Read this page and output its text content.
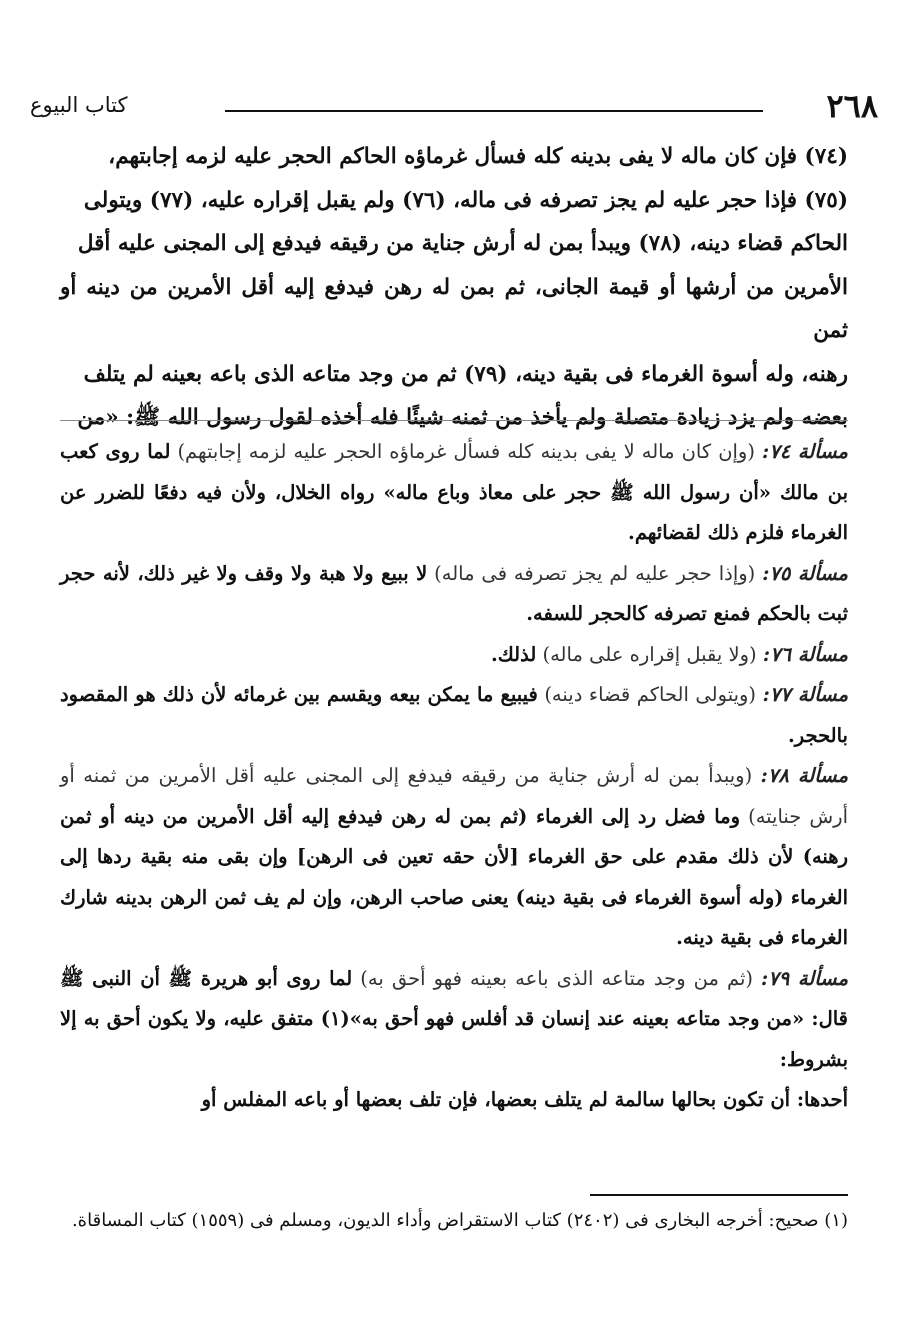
٢٦٨
كتاب البيوع

(٧٤) فإن كان ماله لا يفى بدينه كله فسأل غرماؤه الحاكم الحجر عليه لزمه إجابتهم،

(٧٥) فإذا حجر عليه لم يجز تصرفه فى ماله، (٧٦) ولم يقبل إقراره عليه، (٧٧) ويتولى

الحاكم قضاء دينه، (٧٨) ويبدأ بمن له أرش جناية من رقيقه فيدفع إلى المجنى عليه أقل

الأمرين من أرشها أو قيمة الجانى، ثم بمن له رهن فيدفع إليه أقل الأمرين من دينه أو ثمن

رهنه، وله أسوة الغرماء فى بقية دينه، (٧٩) ثم من وجد متاعه الذى باعه بعينه لم يتلف

بعضه ولم يزد زيادة متصلة ولم يأخذ من ثمنه شيئًا فله أخذه لقول رسول الله ﷺ: «من

مسألة ٧٤: (وإن كان ماله لا يفى بدينه كله فسأل غرماؤه الحجر عليه لزمه إجابتهم) لما روى كعب بن مالك «أن رسول الله ﷺ حجر على معاذ وباع ماله» رواه الخلال، ولأن فيه دفعًا للضرر عن الغرماء فلزم ذلك لقضائهم.

مسألة ٧٥: (وإذا حجر عليه لم يجز تصرفه فى ماله) لا ببيع ولا هبة ولا وقف ولا غير ذلك، لأنه حجر ثبت بالحكم فمنع تصرفه كالحجر للسفه.

مسألة ٧٦: (ولا يقبل إقراره على ماله) لذلك.

مسألة ٧٧: (ويتولى الحاكم قضاء دينه) فيبيع ما يمكن بيعه ويقسم بين غرمائه لأن ذلك هو المقصود بالحجر.

مسألة ٧٨: (ويبدأ بمن له أرش جناية من رقيقه فيدفع إلى المجنى عليه أقل الأمرين من ثمنه أو أرش جنايته) وما فضل رد إلى الغرماء (ثم بمن له رهن فيدفع إليه أقل الأمرين من دينه أو ثمن رهنه) لأن ذلك مقدم على حق الغرماء [لأن حقه تعين فى الرهن] وإن بقى منه بقية ردها إلى الغرماء (وله أسوة الغرماء فى بقية دينه) يعنى صاحب الرهن، وإن لم يف ثمن الرهن بدينه شارك الغرماء فى بقية دينه.

مسألة ٧٩: (ثم من وجد متاعه الذى باعه بعينه فهو أحق به) لما روى أبو هريرة ﷺ أن النبى ﷺ قال: «من وجد متاعه بعينه عند إنسان قد أفلس فهو أحق به»(١) متفق عليه، ولا يكون أحق به إلا بشروط:

أحدها: أن تكون بحالها سالمة لم يتلف بعضها، فإن تلف بعضها أو باعه المفلس أو

(١) صحيح: أخرجه البخارى فى (٢٤٠٢) كتاب الاستقراض وأداء الديون، ومسلم فى (١٥٥٩) كتاب المساقاة.
